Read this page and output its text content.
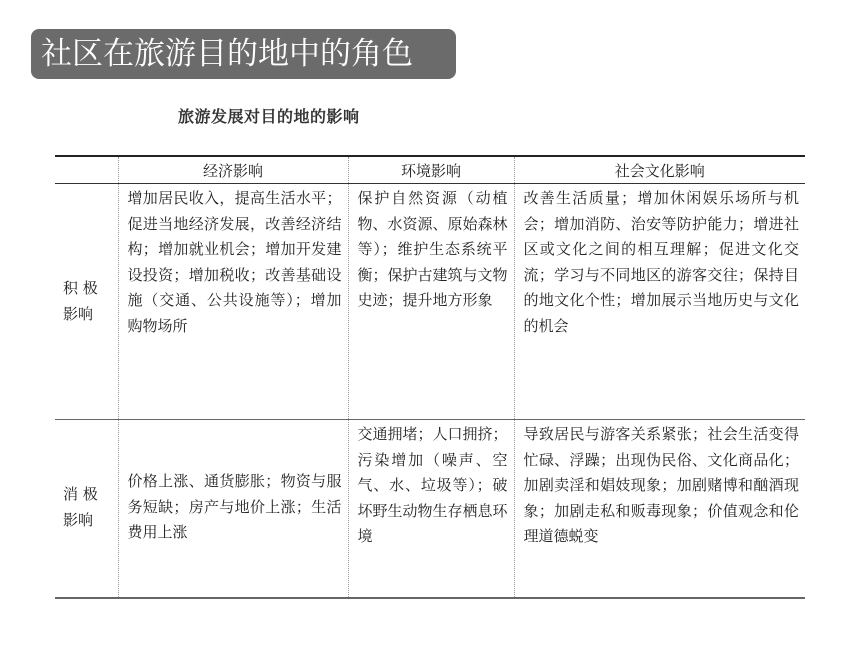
社区在旅游目的地中的角色
旅游发展对目的地的影响
	经济影响	环境影响	社会文化影响
积 极
影响	增加居民收入，提高生活水平；促进当地经济发展，改善经济结构；增加就业机会；增加开发建设投资；增加税收；改善基础设施（交通、公共设施等）；增加购物场所	保护自然资源（动植物、水资源、原始森林等）；维护生态系统平衡；保护古建筑与文物史迹；提升地方形象	改善生活质量；增加休闲娱乐场所与机会；增加消防、治安等防护能力；增进社区或文化之间的相互理解；促进文化交流；学习与不同地区的游客交往；保持目的地文化个性；增加展示当地历史与文化的机会
消 极
影响	价格上涨、通货膨胀；物资与服务短缺；房产与地价上涨；生活费用上涨	交通拥堵；人口拥挤；污染增加（噪声、空气、水、垃圾等）；破坏野生动物生存栖息环境	导致居民与游客关系紧张；社会生活变得忙碌、浮躁；出现伪民俗、文化商品化；加剧卖淫和娼妓现象；加剧赌博和酗酒现象；加剧走私和贩毒现象；价值观念和伦理道德蜕变
